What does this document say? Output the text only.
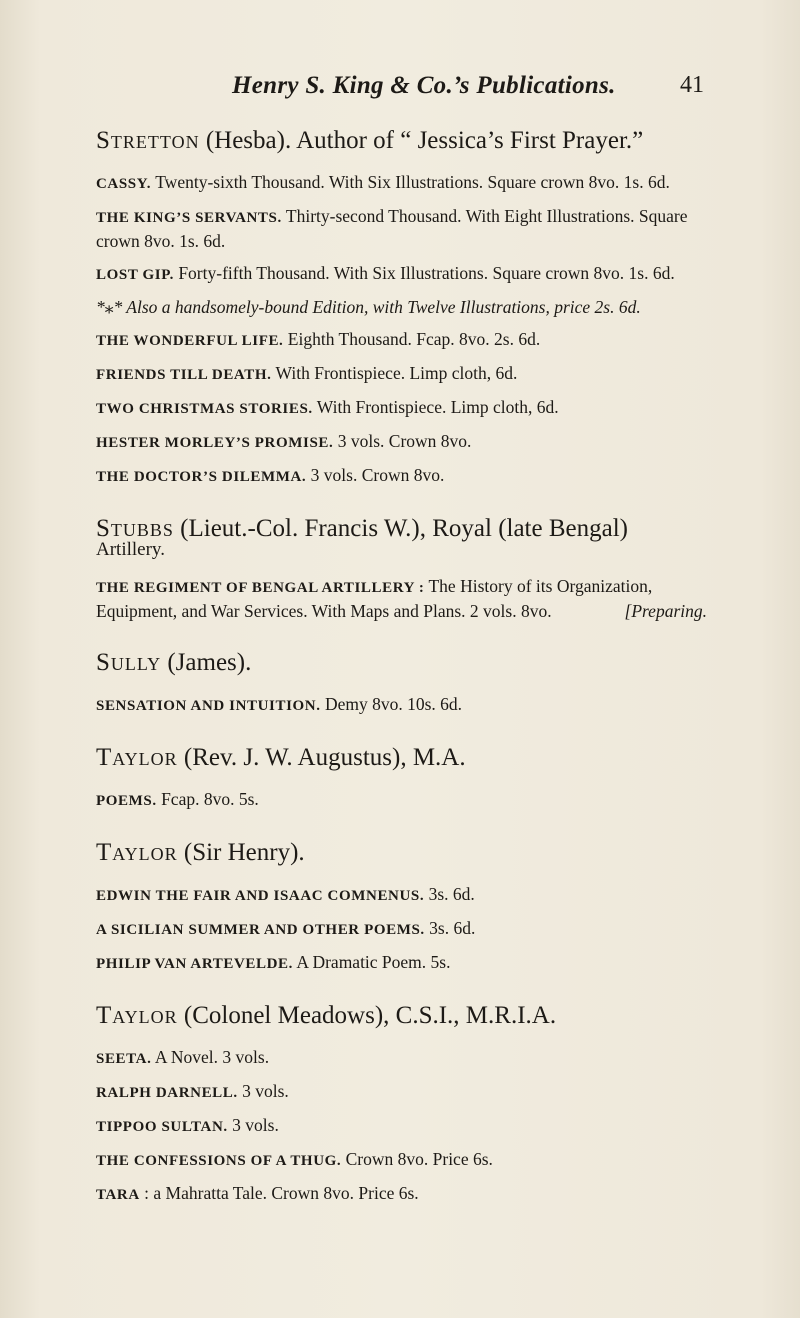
Henry S. King & Co.’s Publications.	41

Stretton (Hesba). Author of “ Jessica’s First Prayer.”

CASSY. Twenty-sixth Thousand. With Six Illustrations. Square crown 8vo. 1s. 6d.

THE KING’S SERVANTS. Thirty-second Thousand. With Eight Illustrations. Square crown 8vo. 1s. 6d.

LOST GIP. Forty-fifth Thousand. With Six Illustrations. Square crown 8vo. 1s. 6d.

*⁎* Also a handsomely-bound Edition, with Twelve Illustrations, price 2s. 6d.

THE WONDERFUL LIFE. Eighth Thousand. Fcap. 8vo. 2s. 6d.

FRIENDS TILL DEATH. With Frontispiece. Limp cloth, 6d.

TWO CHRISTMAS STORIES. With Frontispiece. Limp cloth, 6d.

HESTER MORLEY’S PROMISE. 3 vols. Crown 8vo.

THE DOCTOR’S DILEMMA. 3 vols. Crown 8vo.

Stubbs (Lieut.-Col. Francis W.), Royal (late Bengal)

Artillery.

THE REGIMENT OF BENGAL ARTILLERY : The History of its Organization, Equipment, and War Services. With Maps and Plans. 2 vols. 8vo.	[Preparing.

Sully (James).

SENSATION AND INTUITION. Demy 8vo. 10s. 6d.

Taylor (Rev. J. W. Augustus), M.A.

POEMS. Fcap. 8vo. 5s.

Taylor (Sir Henry).

EDWIN THE FAIR AND ISAAC COMNENUS. 3s. 6d.

A SICILIAN SUMMER AND OTHER POEMS. 3s. 6d.

PHILIP VAN ARTEVELDE. A Dramatic Poem. 5s.

Taylor (Colonel Meadows), C.S.I., M.R.I.A.

SEETA. A Novel. 3 vols.

RALPH DARNELL. 3 vols.

TIPPOO SULTAN. 3 vols.

THE CONFESSIONS OF A THUG. Crown 8vo. Price 6s.

TARA : a Mahratta Tale. Crown 8vo. Price 6s.
